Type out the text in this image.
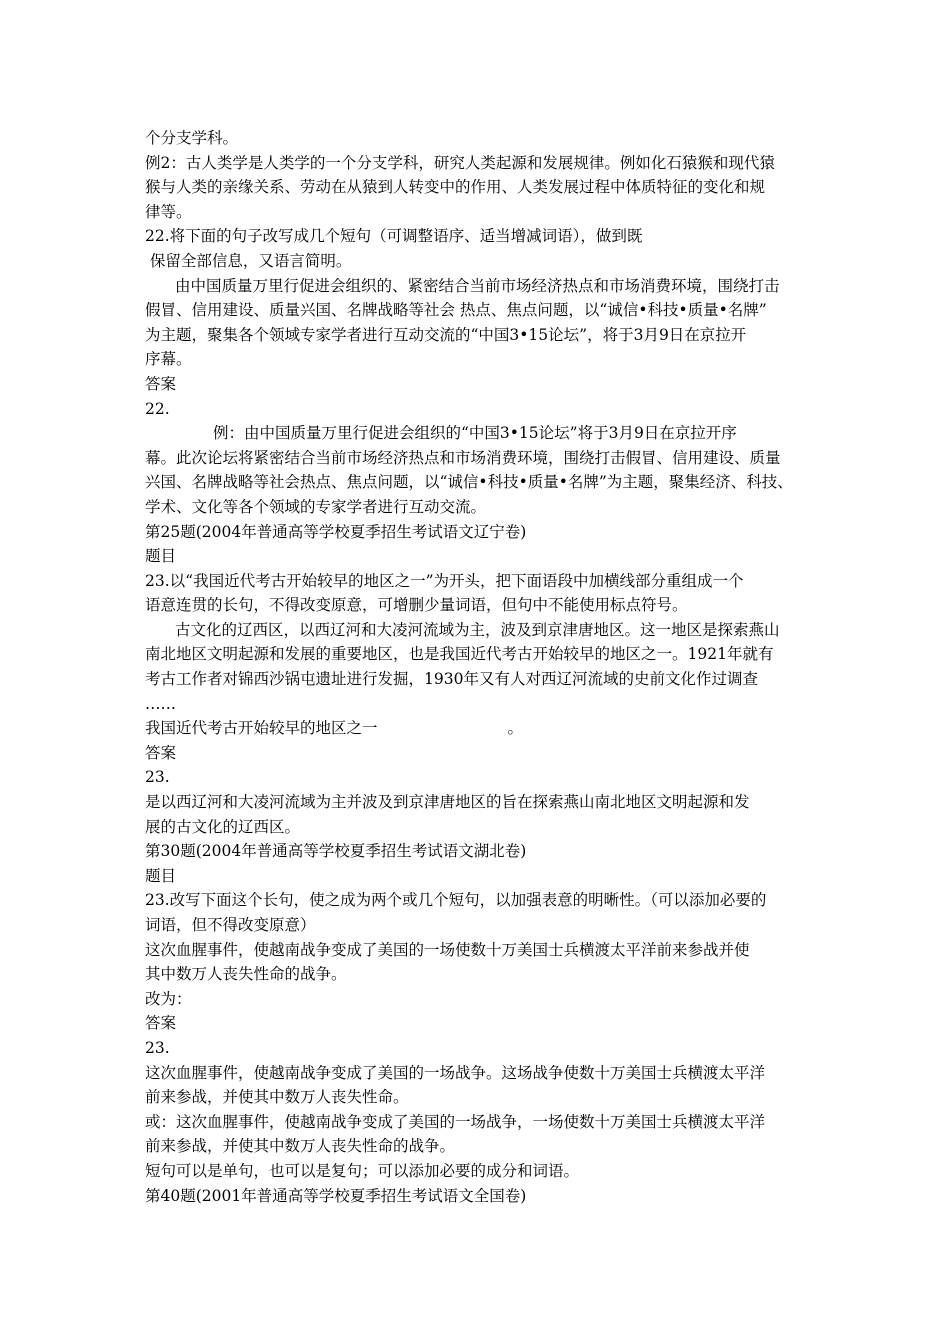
个分支学科。
例2：古人类学是人类学的一个分支学科，研究人类起源和发展规律。例如化石猿猴和现代猿
猴与人类的亲缘关系、劳动在从猿到人转变中的作用、人类发展过程中体质特征的变化和规
律等。
22.将下面的句子改写成几个短句（可调整语序、适当增减词语），做到既
保留全部信息，又语言简明。
由中国质量万里行促进会组织的、紧密结合当前市场经济热点和市场消费环境，围绕打击
假冒、信用建设、质量兴国、名牌战略等社会 热点、焦点问题，以“诚信•科技•质量•名牌”
为主题，聚集各个领域专家学者进行互动交流的“中国3•15论坛”，将于3月9日在京拉开
序幕。
答案
22.
例：由中国质量万里行促进会组织的“中国3•15论坛”将于3月9日在京拉开序
幕。此次论坛将紧密结合当前市场经济热点和市场消费环境，围绕打击假冒、信用建设、质量
兴国、名牌战略等社会热点、焦点问题，以“诚信•科技•质量•名牌”为主题，聚集经济、科技、
学术、文化等各个领域的专家学者进行互动交流。
第25题(2004年普通高等学校夏季招生考试语文辽宁卷)
题目
23.以“我国近代考古开始较早的地区之一”为开头，把下面语段中加横线部分重组成一个
语意连贯的长句，不得改变原意，可增删少量词语，但句中不能使用标点符号。
古文化的辽西区，以西辽河和大凌河流域为主，波及到京津唐地区。这一地区是探索燕山
南北地区文明起源和发展的重要地区，也是我国近代考古开始较早的地区之一。1921年就有
考古工作者对锦西沙锅屯遗址进行发掘，1930年又有人对西辽河流域的史前文化作过调查
……
我国近代考古开始较早的地区之一	。
答案
23.
是以西辽河和大凌河流域为主并波及到京津唐地区的旨在探索燕山南北地区文明起源和发
展的古文化的辽西区。
第30题(2004年普通高等学校夏季招生考试语文湖北卷)
题目
23.改写下面这个长句，使之成为两个或几个短句，以加强表意的明晰性。（可以添加必要的
词语，但不得改变原意）
这次血腥事件，使越南战争变成了美国的一场使数十万美国士兵横渡太平洋前来参战并使
其中数万人丧失性命的战争。
改为：
答案
23.
这次血腥事件，使越南战争变成了美国的一场战争。这场战争使数十万美国士兵横渡太平洋
前来参战，并使其中数万人丧失性命。
或：这次血腥事件，使越南战争变成了美国的一场战争，一场使数十万美国士兵横渡太平洋
前来参战，并使其中数万人丧失性命的战争。
短句可以是单句，也可以是复句；可以添加必要的成分和词语。
第40题(2001年普通高等学校夏季招生考试语文全国卷)
